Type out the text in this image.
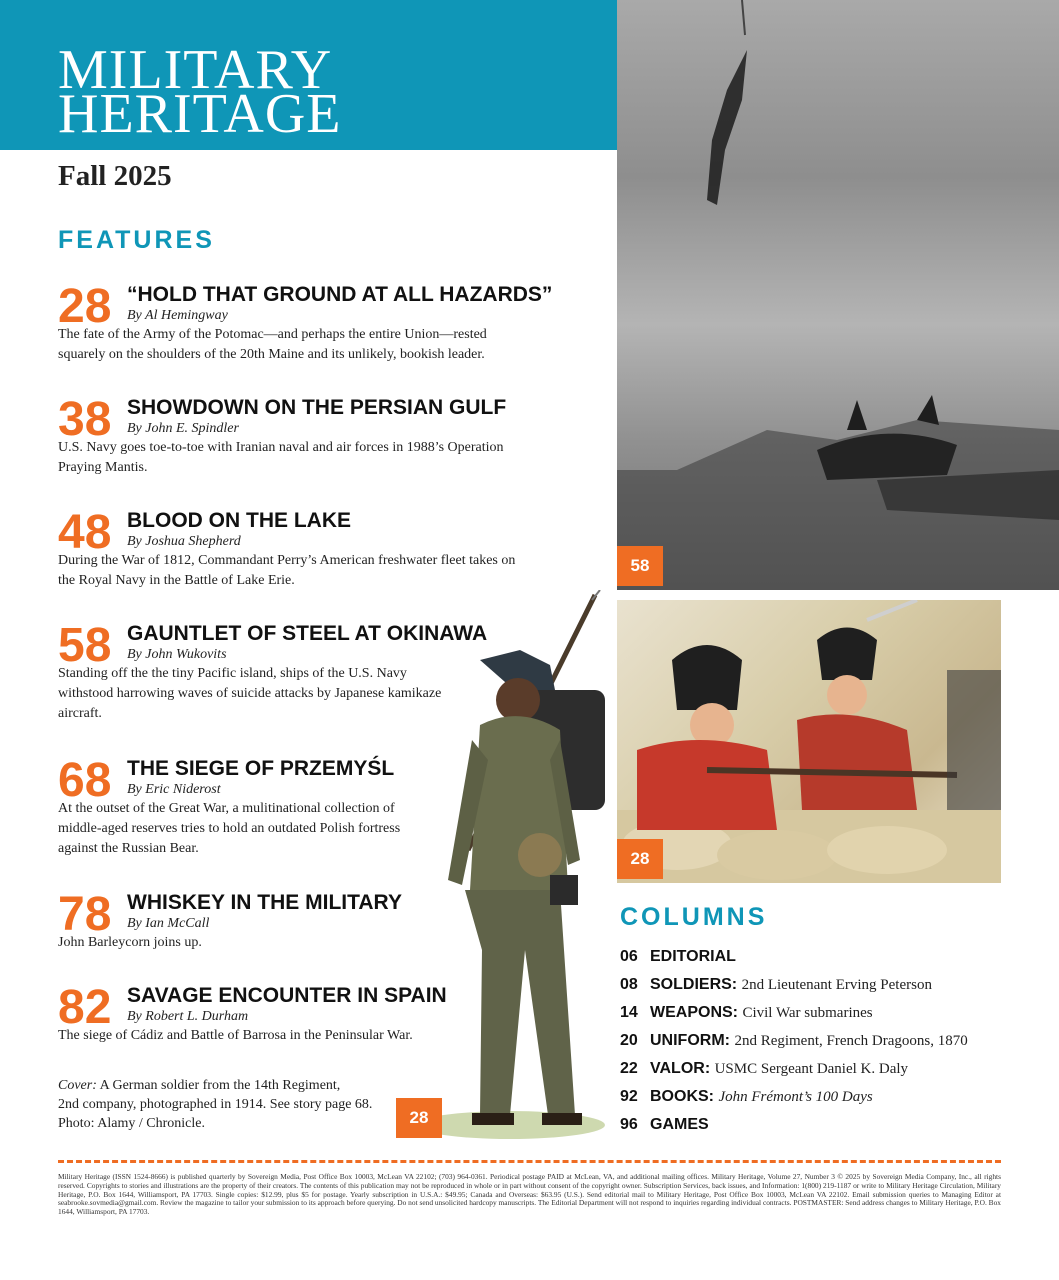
MILITARY
HERITAGE
Fall 2025
FEATURES
28 “HOLD THAT GROUND AT ALL HAZARDS”
By Al Hemingway
The fate of the Army of the Potomac—and perhaps the entire Union—rested squarely on the shoulders of the 20th Maine and its unlikely, bookish leader.
38 SHOWDOWN ON THE PERSIAN GULF
By John E. Spindler
U.S. Navy goes toe-to-toe with Iranian naval and air forces in 1988’s Operation Praying Mantis.
48 BLOOD ON THE LAKE
By Joshua Shepherd
During the War of 1812, Commandant Perry’s American freshwater fleet takes on the Royal Navy in the Battle of Lake Erie.
58 GAUNTLET OF STEEL AT OKINAWA
By John Wukovits
Standing off the the tiny Pacific island, ships of the U.S. Navy withstood harrowing waves of suicide attacks by Japanese kamikaze aircraft.
68 THE SIEGE OF PRZEMYŚL
By Eric Niderost
At the outset of the Great War, a mulitinational collection of middle-aged reserves tries to hold an outdated Polish fortress against the Russian Bear.
78 WHISKEY IN THE MILITARY
By Ian McCall
John Barleycorn joins up.
82 SAVAGE ENCOUNTER IN SPAIN
By Robert L. Durham
The siege of Cádiz and Battle of Barrosa in the Peninsular War.
28
Cover: A German soldier from the 14th Regiment,
2nd company, photographed in 1914. See story page 68.
Photo: Alamy / Chronicle.
58
28
COLUMNS
06 EDITORIAL
08 SOLDIERS: 2nd Lieutenant Erving Peterson
14 WEAPONS: Civil War submarines
20 UNIFORM: 2nd Regiment, French Dragoons, 1870
22 VALOR: USMC Sergeant Daniel K. Daly
92 BOOKS: John Frémont’s 100 Days
96 GAMES
Military Heritage (ISSN 1524-8666) is published quarterly by Sovereign Media, Post Office Box 10003, McLean VA 22102; (703) 964-0361. Periodical postage PAID at McLean, VA, and additional mailing offices. Military Heritage, Volume 27, Number 3 © 2025 by Sovereign Media Company, Inc., all rights reserved. Copyrights to stories and illustrations are the property of their creators. The contents of this publication may not be reproduced in whole or in part without consent of the copyright owner. Subscription Services, back issues, and Information: 1(800) 219-1187 or write to Military Heritage Circulation, Military Heritage, P.O. Box 1644, Williamsport, PA 17703. Single copies: $12.99, plus $5 for postage. Yearly subscription in U.S.A.: $49.95; Canada and Overseas: $63.95 (U.S.). Send editorial mail to Military Heritage, Post Office Box 10003, McLean VA 22102. Email submission queries to Managing Editor at seabrooke.sovmedia@gmail.com. Review the magazine to tailor your submission to its approach before querying. Do not send unsolicited hardcopy manuscripts. The Editorial Department will not respond to inquiries regarding individual contracts. POSTMASTER: Send address changes to Military Heritage, P.O. Box 1644, Williamsport, PA 17703.
